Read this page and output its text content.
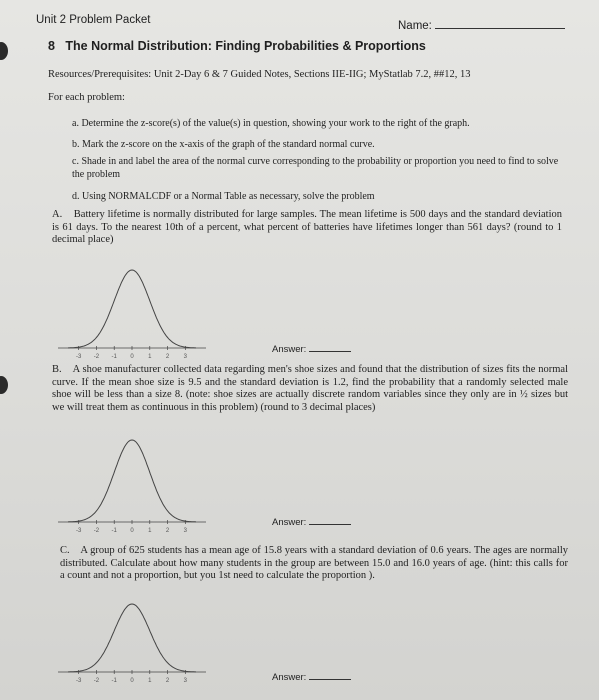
Unit 2 Problem Packet	Name:
8 The Normal Distribution: Finding Probabilities & Proportions
Resources/Prerequisites: Unit 2-Day 6 & 7 Guided Notes, Sections IIE-IIG; MyStatlab 7.2, ##12, 13
For each problem:
a. Determine the z-score(s) of the value(s) in question, showing your work to the right of the graph.
b. Mark the z-score on the x-axis of the graph of the standard normal curve.
c. Shade in and label the area of the normal curve corresponding to the probability or proportion you need to find to solve the problem
d. Using NORMALCDF or a Normal Table as necessary, solve the problem
A. Battery lifetime is normally distributed for large samples. The mean lifetime is 500 days and the standard deviation is 61 days. To the nearest 10th of a percent, what percent of batteries have lifetimes longer than 561 days? (round to 1 decimal place)
-3 -2 -1 0 1 2 3
Answer:
B. A shoe manufacturer collected data regarding men's shoe sizes and found that the distribution of sizes fits the normal curve. If the mean shoe size is 9.5 and the standard deviation is 1.2, find the probability that a randomly selected male shoe will be less than a size 8. (note: shoe sizes are actually discrete random variables since they only are in ½ sizes but we will treat them as continuous in this problem) (round to 3 decimal places)
-3 -2 -1 0 1 2 3
Answer:
C. A group of 625 students has a mean age of 15.8 years with a standard deviation of 0.6 years. The ages are normally distributed. Calculate about how many students in the group are between 15.0 and 16.0 years of age. (hint: this calls for a count and not a proportion, but you 1st need to calculate the proportion ).
-3 -2 -1 0 1 2 3	Answer:
